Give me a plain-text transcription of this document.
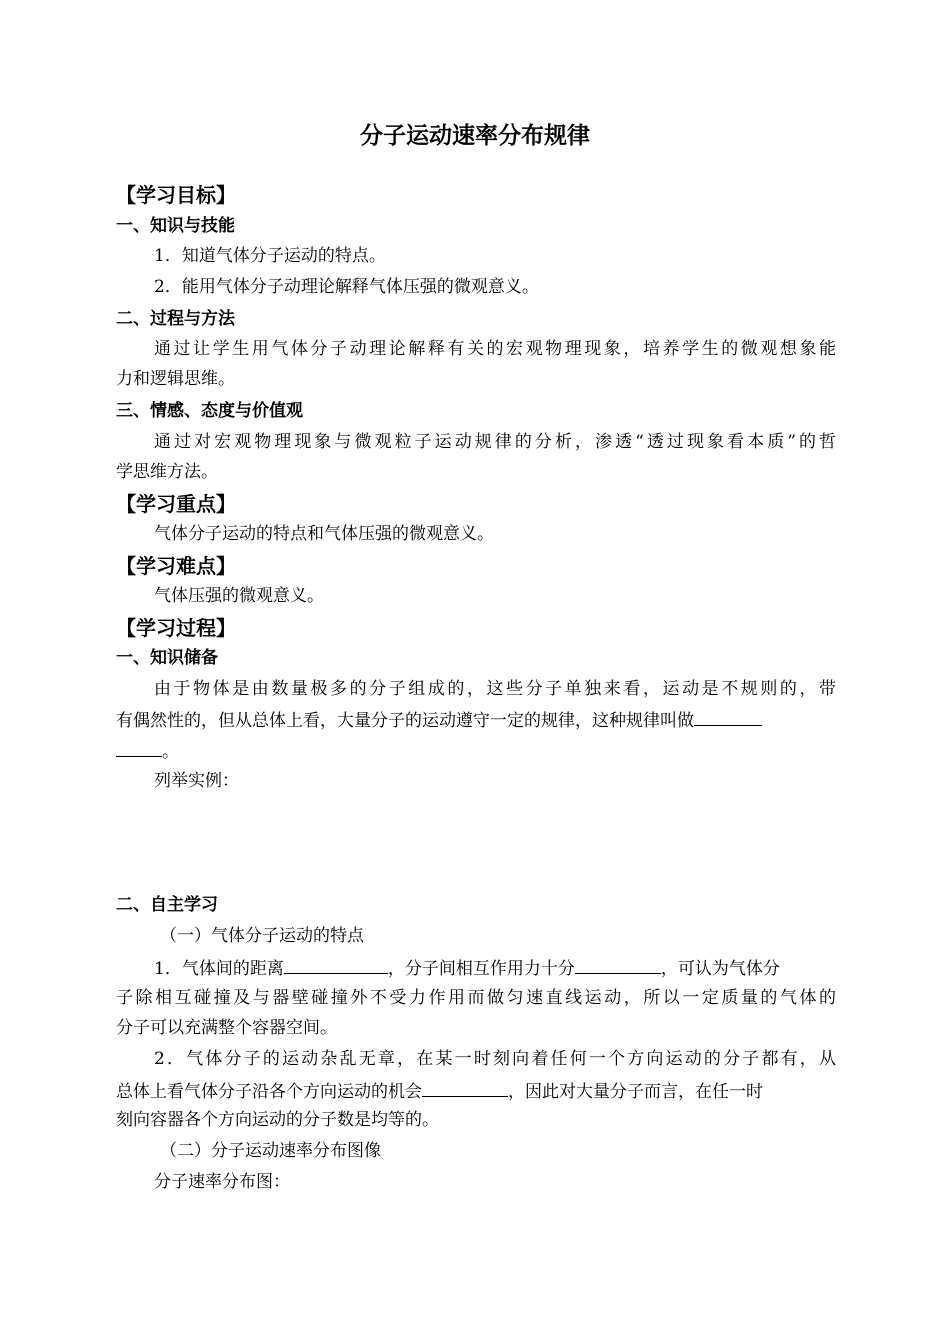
分子运动速率分布规律
【学习目标】
一、知识与技能
1．知道气体分子运动的特点。
2．能用气体分子动理论解释气体压强的微观意义。
二、过程与方法
通过让学生用气体分子动理论解释有关的宏观物理现象，培养学生的微观想象能
力和逻辑思维。
三、情感、态度与价值观
通过对宏观物理现象与微观粒子运动规律的分析，渗透“透过现象看本质”的哲
学思维方法。
【学习重点】
气体分子运动的特点和气体压强的微观意义。
【学习难点】
气体压强的微观意义。
【学习过程】
一、知识储备
由于物体是由数量极多的分子组成的，这些分子单独来看，运动是不规则的，带
有偶然性的，但从总体上看，大量分子的运动遵守一定的规律，这种规律叫做
。
列举实例：
二、自主学习
（一）气体分子运动的特点
1．气体间的距离	，分子间相互作用力十分	，可认为气体分
子除相互碰撞及与器壁碰撞外不受力作用而做匀速直线运动，所以一定质量的气体的
分子可以充满整个容器空间。
2．气体分子的运动杂乱无章，在某一时刻向着任何一个方向运动的分子都有，从
总体上看气体分子沿各个方向运动的机会	，因此对大量分子而言，在任一时
刻向容器各个方向运动的分子数是均等的。
（二）分子运动速率分布图像
分子速率分布图：
